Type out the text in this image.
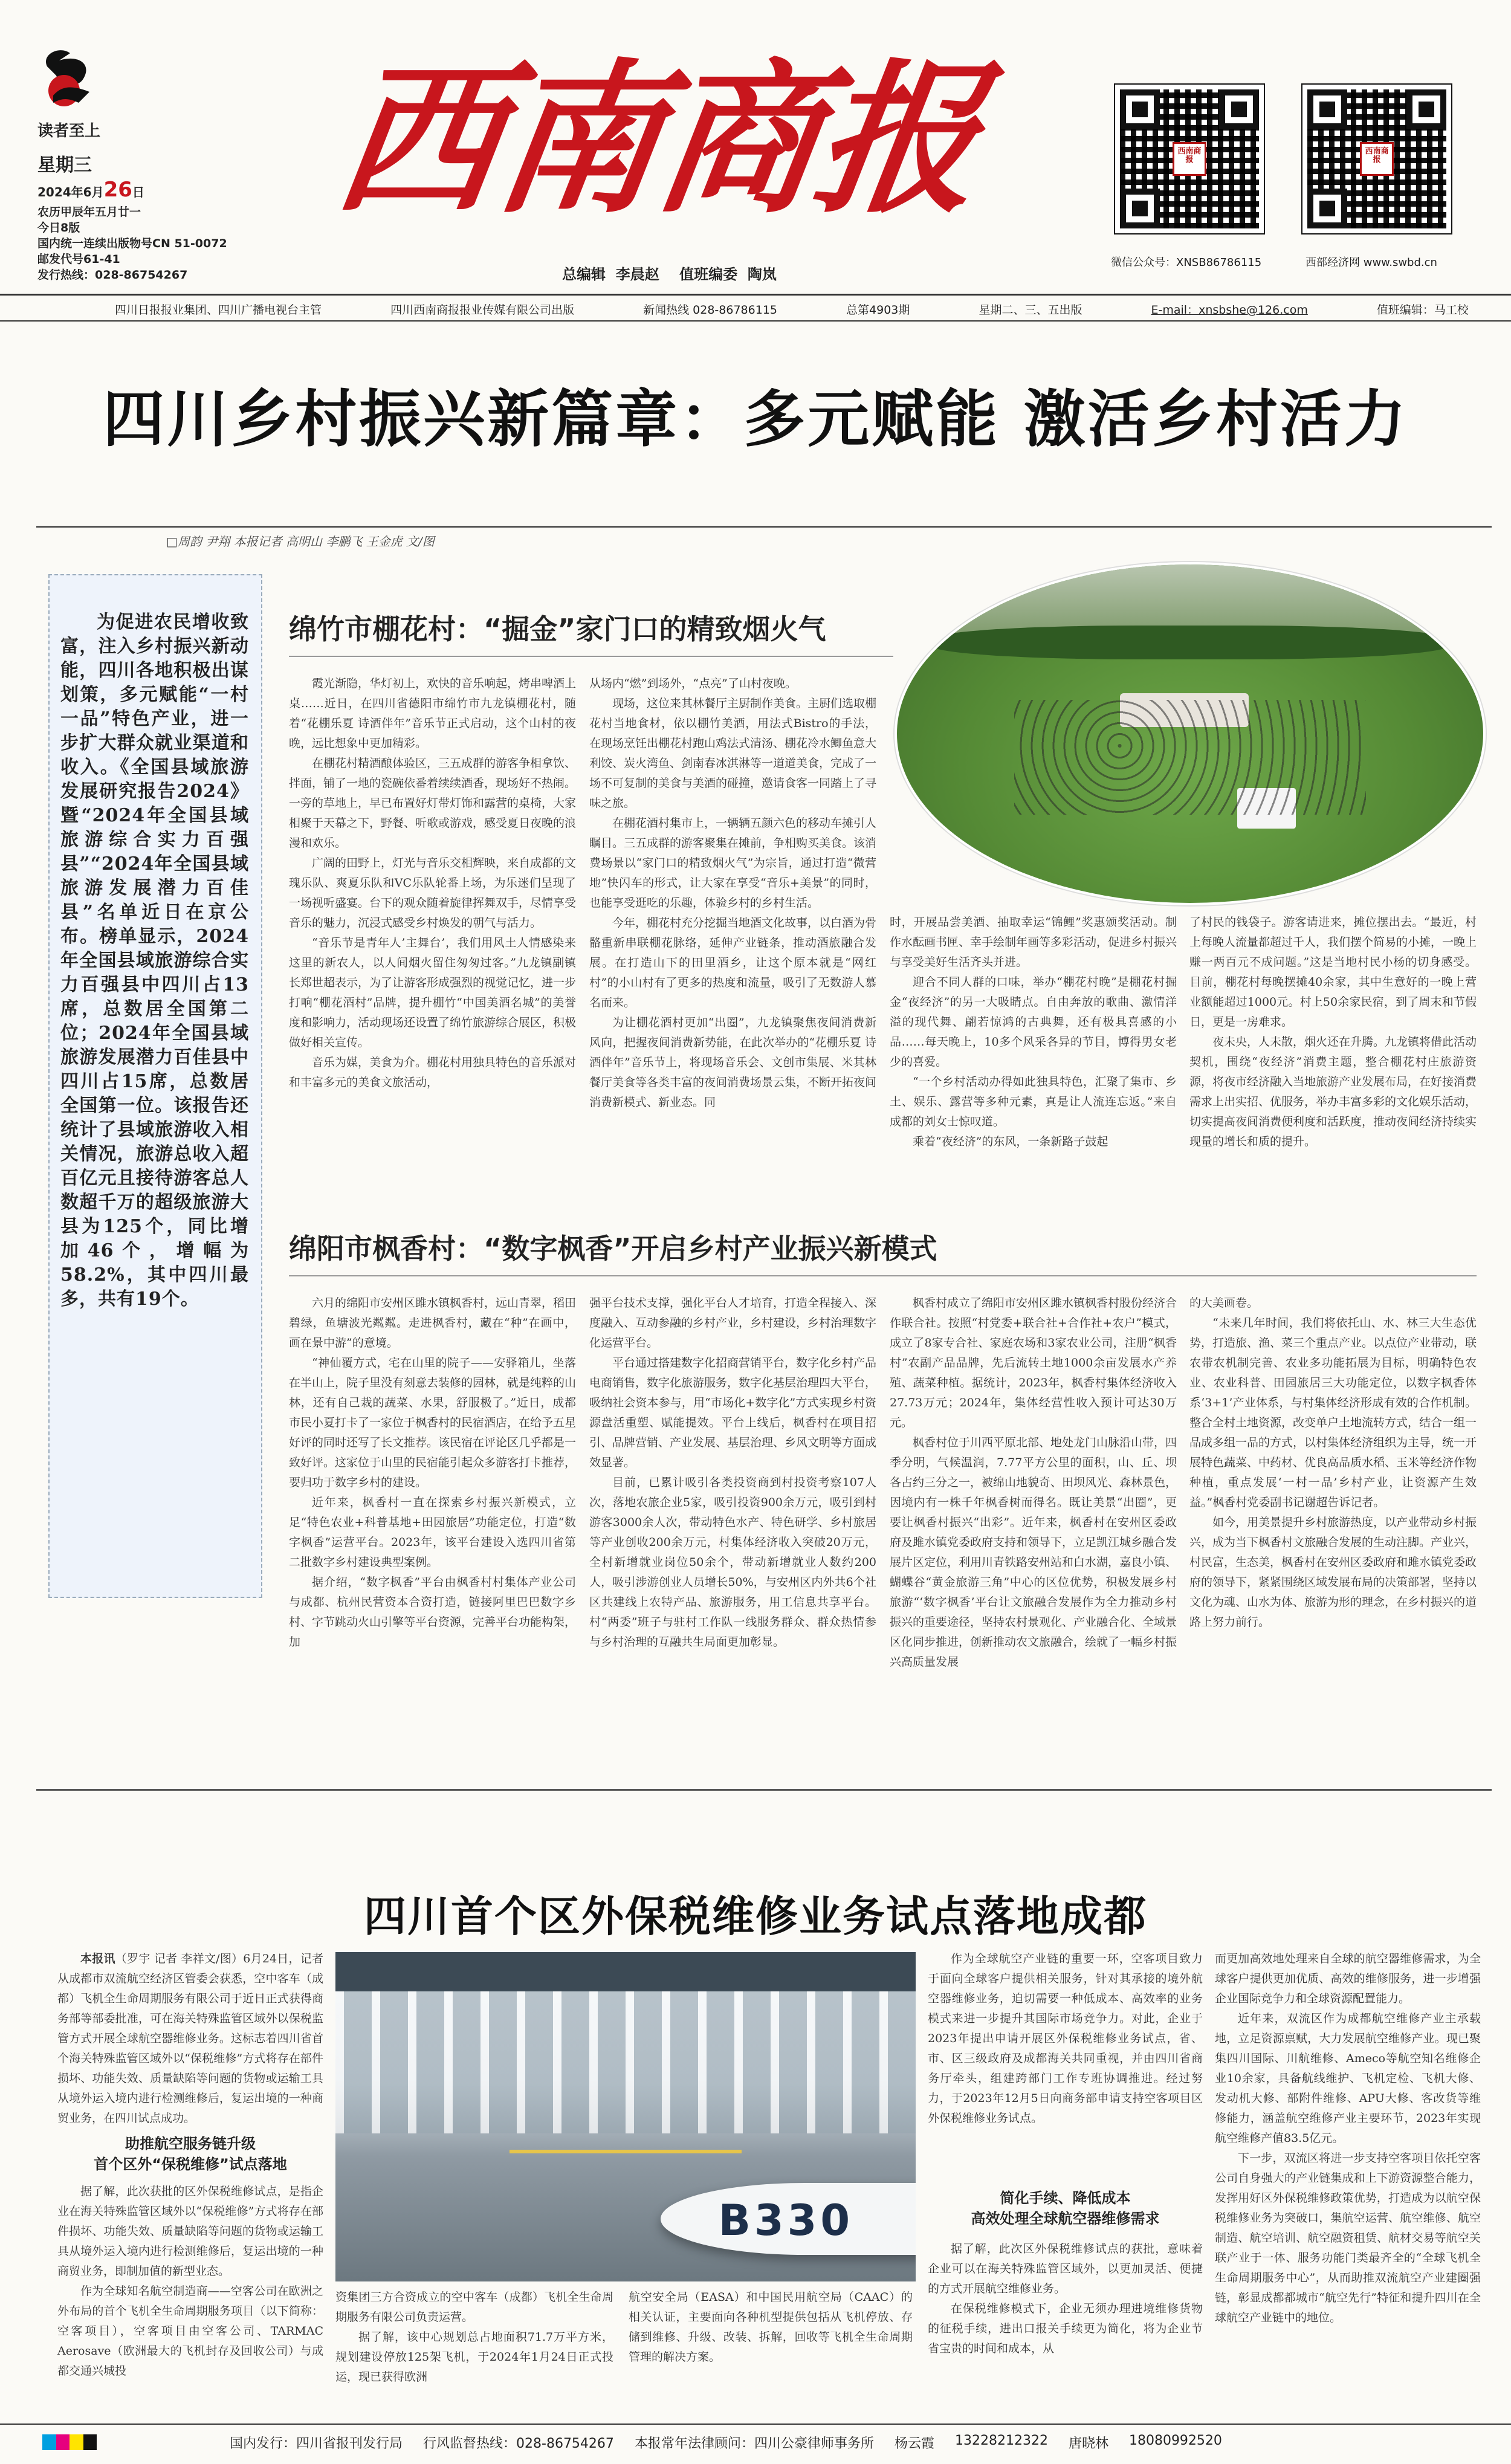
读者至上
星期三
2024年6月26日
农历甲辰年五月廿一
今日8版
国内统一连续出版物号CN 51-0072
邮发代号61-41
发行热线：028-86754267
西南商报
总编辑 李晨赵 值班编委 陶岚
西南商报
微信公众号：XNSB86786115
西南商报
西部经济网 www.swbd.cn
四川日报报业集团、四川广播电视台主管	四川西南商报报业传媒有限公司出版	新闻热线 028-86786115	总第4903期	星期二、三、五出版	E-mail：xnsbshe@126.com	值班编辑：马工校
四川乡村振兴新篇章：多元赋能 激活乡村活力
□周韵 尹翔 本报记者 高明山 李鹏飞 王金虎 文/图
为促进农民增收致富，注入乡村振兴新动能，四川各地积极出谋划策，多元赋能“一村一品”特色产业，进一步扩大群众就业渠道和收入。《全国县域旅游发展研究报告2024》暨“2024年全国县域旅游综合实力百强县”“2024年全国县域旅游发展潜力百佳县”名单近日在京公布。榜单显示，2024年全国县域旅游综合实力百强县中四川占13席，总数居全国第二位；2024年全国县域旅游发展潜力百佳县中四川占15席，总数居全国第一位。该报告还统计了县域旅游收入相关情况，旅游总收入超百亿元且接待游客总人数超千万的超级旅游大县为125个，同比增加46个，增幅为58.2%，其中四川最多，共有19个。
绵竹市棚花村：“掘金”家门口的精致烟火气

霞光渐隐，华灯初上，欢快的音乐响起，烤串啤酒上桌……近日，在四川省德阳市绵竹市九龙镇棚花村，随着“花棚乐夏 诗酒伴年”音乐节正式启动，这个山村的夜晚，远比想象中更加精彩。

在棚花村精酒酿体验区，三五成群的游客争相拿饮、拌面，铺了一地的瓷碗依番着续续酒香，现场好不热闹。一旁的草地上，早已布置好灯带灯饰和露营的桌椅，大家相聚于天幕之下，野餐、听歌或游戏，感受夏日夜晚的浪漫和欢乐。

广阔的田野上，灯光与音乐交相辉映，来自成都的文瑰乐队、爽夏乐队和VC乐队轮番上场，为乐迷们呈现了一场视听盛宴。台下的观众随着旋律挥舞双手，尽情享受音乐的魅力，沉浸式感受乡村焕发的朝气与活力。

“音乐节是青年人’主舞台’，我们用风土人情感染来这里的新农人，以人间烟火留住匆匆过客。”九龙镇副镇长郑世超表示，为了让游客形成强烈的视觉记忆，进一步打响“棚花酒村”品牌，提升棚竹“中国美酒名城”的美誉度和影响力，活动现场还设置了绵竹旅游综合展区，积极做好相关宣传。

音乐为媒，美食为介。棚花村用独具特色的音乐派对和丰富多元的美食文旅活动，

从场内“燃”到场外，“点亮”了山村夜晚。

现场，这位来其林餐厅主厨制作美食。主厨们选取棚花村当地食材，依以棚竹美酒，用法式Bistro的手法，在现场烹饪出棚花村跑山鸡法式清汤、棚花冷水鲫鱼意大利饺、炭火湾鱼、剑南春冰淇淋等一道道美食，完成了一场不可复制的美食与美酒的碰撞，邀请食客一同踏上了寻味之旅。

在棚花酒村集市上，一辆辆五颜六色的移动车摊引人瞩目。三五成群的游客聚集在摊前，争相购买美食。该消费场景以“家门口的精致烟火气”为宗旨，通过打造“微营地”快闪车的形式，让大家在享受“音乐+美景”的同时，也能享受逛吃的乐趣，体验乡村的乡村生活。

今年，棚花村充分挖掘当地酒文化故事，以白酒为骨骼重新串联棚花脉络，延伸产业链条，推动酒旅融合发展。在打造山下的田里酒乡，让这个原本就是“网红村”的小山村有了更多的热度和流量，吸引了无数游人慕名而来。

为让棚花酒村更加“出圈”，九龙镇聚焦夜间消费新风向，把握夜间消费新势能，在此次举办的“花棚乐夏 诗酒伴年”音乐节上，将现场音乐会、文创市集展、米其林餐厅美食等各类丰富的夜间消费场景云集，不断开拓夜间消费新模式、新业态。同

时，开展品尝美酒、抽取幸运“锦鲤”奖惠颁奖活动。制作水酝画书匣、幸手绘制年画等多彩活动，促进乡村振兴与享受美好生活齐头并进。

迎合不同人群的口味，举办“棚花村晚”是棚花村掘金“夜经济”的另一大吸睛点。自由奔放的歌曲、激情洋溢的现代舞、翩若惊鸿的古典舞，还有极具喜感的小品……每天晚上，10多个风采各异的节目，博得男女老少的喜爱。

“一个乡村活动办得如此独具特色，汇聚了集市、乡土、娱乐、露营等多种元素，真是让人流连忘返。”来自成都的刘女士惊叹道。

乘着“夜经济”的东风，一条新路子鼓起

了村民的钱袋子。游客请进来，摊位摆出去。“最近，村上每晚人流量都超过千人，我们摆个简易的小摊，一晚上赚一两百元不成问题。”这是当地村民小杨的切身感受。目前，棚花村每晚摆摊40余家，其中生意好的一晚上营业额能超过1000元。村上50余家民宿，到了周末和节假日，更是一房难求。

夜未央，人未散，烟火还在升腾。九龙镇将借此活动契机，围绕“夜经济”消费主题，整合棚花村庄旅游资源，将夜市经济融入当地旅游产业发展布局，在好接消费需求上出实招、优服务，举办丰富多彩的文化娱乐活动，切实提高夜间消费便利度和活跃度，推动夜间经济持续实现量的增长和质的提升。

绵阳市枫香村：“数字枫香”开启乡村产业振兴新模式

六月的绵阳市安州区雎水镇枫香村，远山青翠，稻田碧绿，鱼塘波光粼粼。走进枫香村，藏在“种”在画中，画在景中游”的意境。

“神仙覆方式，宅在山里的院子——安驿箱儿，坐落在半山上，院子里没有刻意去装修的园林，就是纯粹的山林，还有自己栽的蔬菜、水果，舒服极了。”近日，成都市民小夏打卡了一家位于枫香村的民宿酒店，在给予五星好评的同时还写了长文推荐。该民宿在评论区几乎都是一致好评。这家位于山里的民宿能引起众多游客打卡推荐，要归功于数字乡村的建设。

近年来，枫香村一直在探索乡村振兴新模式，立足“特色农业+科普基地+田园旅居”功能定位，打造“数字枫香”运营平台。2023年，该平台建设入选四川省第二批数字乡村建设典型案例。

据介绍，“数字枫香”平台由枫香村村集体产业公司与成都、杭州民营资本合资打造，链接阿里巴巴数字乡村、字节跳动火山引擎等平台资源，完善平台功能构架，加

强平台技术支撑，强化平台人才培育，打造全程接入、深度融入、互动参融的乡村产业，乡村建设，乡村治理数字化运营平台。

平台通过搭建数字化招商营销平台，数字化乡村产品电商销售，数字化旅游服务，数字化基层治理四大平台，吸纳社会资本参与，用“市场化+数字化”方式实现乡村资源盘活重塑、赋能提效。平台上线后，枫香村在项目招引、品牌营销、产业发展、基层治理、乡风文明等方面成效显著。

目前，已累计吸引各类投资商到村投资考察107人次，落地农旅企业5家，吸引投资900余万元，吸引到村游客3000余人次，带动特色水产、特色研学、乡村旅居等产业创收200余万元，村集体经济收入突破20万元，全村新增就业岗位50余个，带动新增就业人数约200人，吸引涉游创业人员增长50%，与安州区内外共6个社区共建线上农特产品、旅游服务，用工信息共享平台。村“两委”班子与驻村工作队一线服务群众、群众热情参与乡村治理的互融共生局面更加彰显。

枫香村成立了绵阳市安州区雎水镇枫香村股份经济合作联合社。按照“村党委+联合社+合作社+农户”模式，成立了8家专合社、家庭农场和3家农业公司，注册“枫香村”农副产品品牌，先后流转土地1000余亩发展水产养殖、蔬菜种植。据统计，2023年，枫香村集体经济收入27.73万元；2024年，集体经营性收入预计可达30万元。

枫香村位于川西平原北部、地处龙门山脉沿山带，四季分明，气候温润，7.77平方公里的面积，山、丘、坝各占约三分之一，被绵山地貌奇、田坝风光、森林景色，因境内有一株千年枫香树而得名。既让美景“出圈”，更要让枫香村振兴“出彩”。近年来，枫香村在安州区委政府及雎水镇党委政府支持和领导下，立足凯江城乡融合发展片区定位，利用川青铁路安州站和白水湖，嘉良小镇、蝴蝶谷“黄金旅游三角”中心的区位优势，积极发展乡村旅游“‘数字枫香’平台让文旅融合发展作为全力推动乡村振兴的重要途径，坚持农村景观化、产业融合化、全域景区化同步推进，创新推动农文旅融合，绘就了一幅乡村振兴高质量发展

的大美画卷。

“未来几年时间，我们将依托山、水、林三大生态优势，打造旅、渔、菜三个重点产业。以点位产业带动，联农带农机制完善、农业多功能拓展为目标，明确特色农业、农业科普、田园旅居三大功能定位，以数字枫香体系‘3+1’产业体系，与村集体经济形成有效的合作机制。整合全村土地资源，改变单户土地流转方式，结合一组一品成多组一品的方式，以村集体经济组织为主导，统一开展特色蔬菜、中药材、优良高品质水稻、玉米等经济作物种植，重点发展‘一村一品’乡村产业，让资源产生效益。”枫香村党委副书记谢超告诉记者。

如今，用美景提升乡村旅游热度，以产业带动乡村振兴，成为当下枫香村文旅融合发展的生动注脚。产业兴，村民富，生态美，枫香村在安州区委政府和雎水镇党委政府的领导下，紧紧围绕区域发展布局的决策部署，坚持以文化为魂、山水为体、旅游为形的理念，在乡村振兴的道路上努力前行。

四川首个区外保税维修业务试点落地成都

本报讯（罗宇 记者 李祥文/图）6月24日，记者从成都市双流航空经济区管委会获悉，空中客车（成都）飞机全生命周期服务有限公司于近日正式获得商务部等部委批准，可在海关特殊监管区域外以保税监管方式开展全球航空器维修业务。这标志着四川省首个海关特殊监管区域外以“保税维修”方式将存在部件损坏、功能失效、质量缺陷等问题的货物或运输工具从境外运入境内进行检测维修后，复运出境的一种商贸业务，在四川试点成功。

助推航空服务链升级
首个区外“保税维修”试点落地

据了解，此次获批的区外保税维修试点，是指企业在海关特殊监管区域外以“保税维修”方式将存在部件损坏、功能失效、质量缺陷等问题的货物或运输工具从境外运入境内进行检测维修后，复运出境的一种商贸业务，即制加值的新型业态。

作为全球知名航空制造商——空客公司在欧洲之外布局的首个飞机全生命周期服务项目（以下简称：空客项目），空客项目由空客公司、TARMAC Aerosave（欧洲最大的飞机封存及回收公司）与成都交通兴城投

B330

资集团三方合资成立的空中客车（成都）飞机全生命周期服务有限公司负责运营。

据了解，该中心规划总占地面积71.7万平方米，规划建设停放125架飞机，于2024年1月24日正式投运，现已获得欧洲

航空安全局（EASA）和中国民用航空局（CAAC）的相关认证，主要面向各种机型提供包括从飞机停放、存储到维修、升级、改装、拆解，回收等飞机全生命周期管理的解决方案。

作为全球航空产业链的重要一环，空客项目致力于面向全球客户提供相关服务，针对其承接的境外航空器维修业务，迫切需要一种低成本、高效率的业务模式来进一步提升其国际市场竞争力。对此，企业于2023年提出申请开展区外保税维修业务试点，省、市、区三级政府及成都海关共同重视，并由四川省商务厅牵头，组建跨部门工作专班协调推进。经过努力，于2023年12月5日向商务部申请支持空客项目区外保税维修业务试点。

简化手续、降低成本
高效处理全球航空器维修需求

据了解，此次区外保税维修试点的获批，意味着企业可以在海关特殊监管区域外，以更加灵活、便捷的方式开展航空维修业务。

在保税维修模式下，企业无须办理进境维修货物的征税手续，进出口报关手续更为简化，将为企业节省宝贵的时间和成本，从

而更加高效地处理来自全球的航空器维修需求，为全球客户提供更加优质、高效的维修服务，进一步增强企业国际竞争力和全球资源配置能力。

近年来，双流区作为成都航空维修产业主承载地，立足资源禀赋，大力发展航空维修产业。现已聚集四川国际、川航维修、Ameco等航空知名维修企业10余家，具备航线维护、飞机定检、飞机大修、发动机大修、部附件维修、APU大修、客改货等维修能力，涵盖航空维修产业主要环节，2023年实现航空维修产值83.5亿元。

下一步，双流区将进一步支持空客项目依托空客公司自身强大的产业链集成和上下游资源整合能力，发挥用好区外保税维修政策优势，打造成为以航空保税维修业务为突破口，集航空运营、航空维修、航空制造、航空培训、航空融资租赁、航材交易等航空关联产业于一体、服务功能门类最齐全的“全球飞机全生命周期服务中心”，从而助推双流航空产业建圈强链，彰显成都都城市“航空先行”特征和提升四川在全球航空产业链中的地位。

国内发行：四川省报刊发行局 行风监督热线：028-86754267 本报常年法律顾问：四川公豪律师事务所 杨云霞 13228212322 唐晓林 18080992520
